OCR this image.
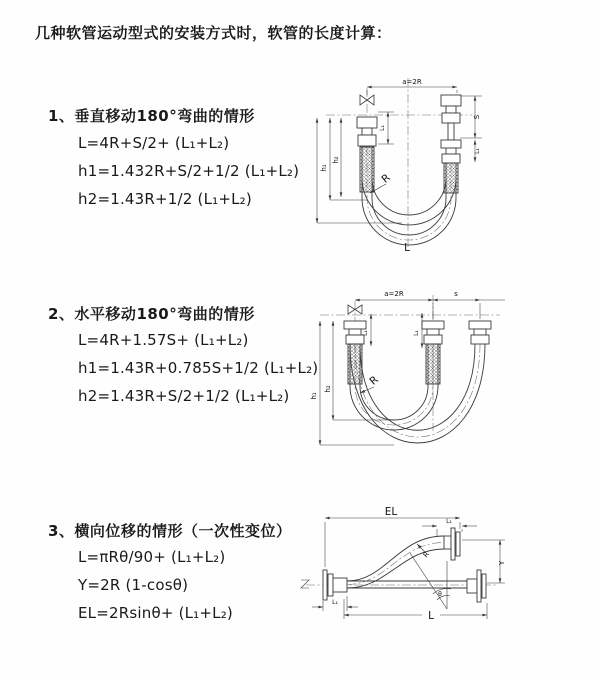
几种软管运动型式的安装方式时，软管的长度计算：
1、垂直移动180°弯曲的情形
L=4R+S/2+ (L₁+L₂)
h1=1.432R+S/2+1/2 (L₁+L₂)
h2=1.43R+1/2 (L₁+L₂)
2、水平移动180°弯曲的情形
L=4R+1.57S+ (L₁+L₂)
h1=1.43R+0.785S+1/2 (L₁+L₂)
h2=1.43R+S/2+1/2 (L₁+L₂)
3、横向位移的情形（一次性变位）
L=πRθ/90+ (L₁+L₂)
Y=2R (1-cosθ)
EL=2Rsinθ+ (L₁+L₂)
a=2R
S
L₁
L₁
h₁
h₂
R
L
a=2R	s
h₁
h₂
L₁	L₁
R
EL
L₁
Y
R
θ
L
L₁
